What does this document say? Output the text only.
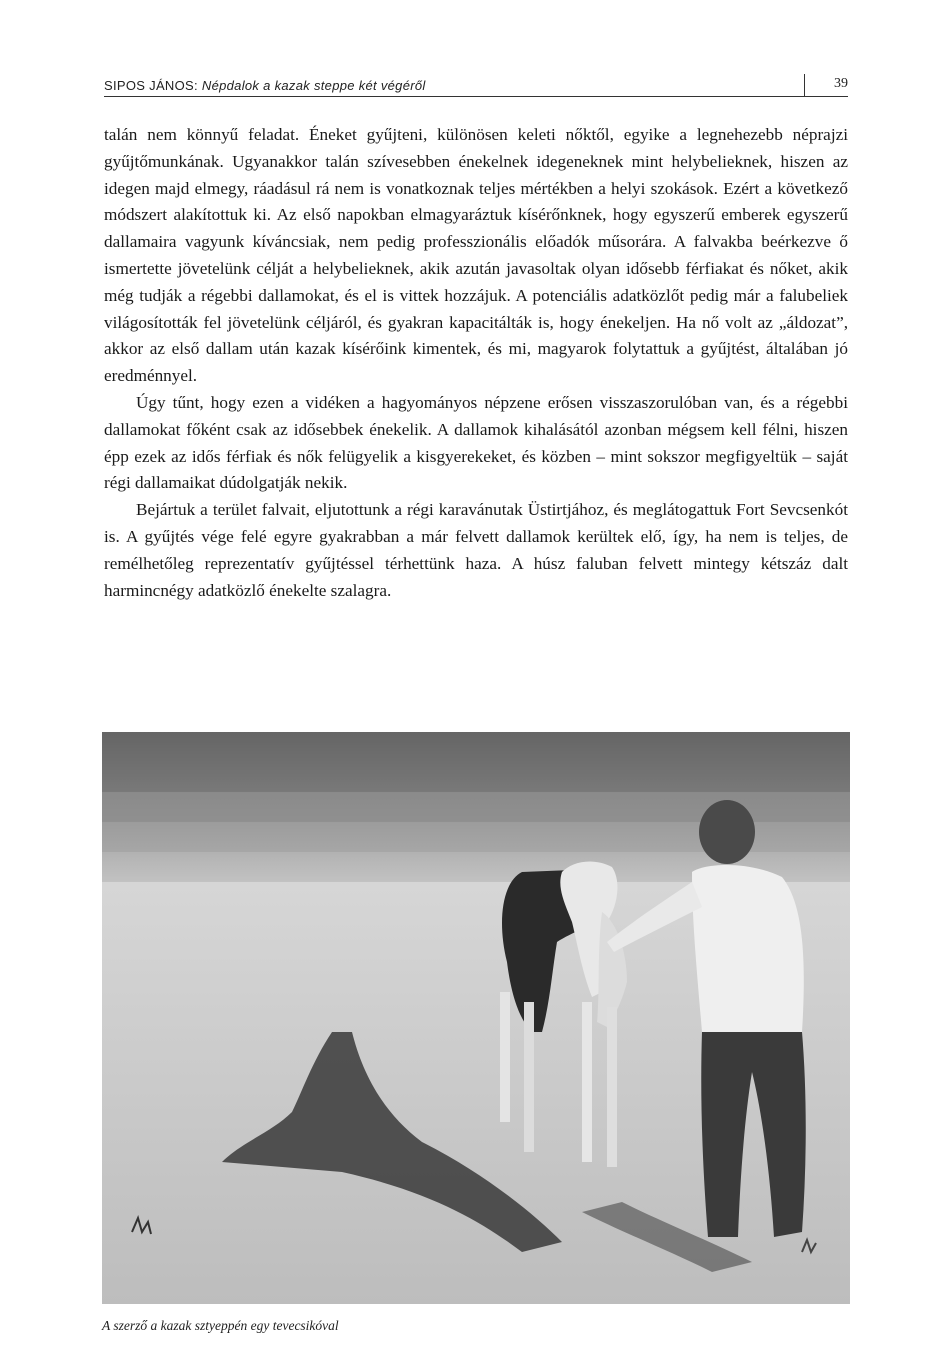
SIPOS JÁNOS: Népdalok a kazak steppe két végéről	39

talán nem könnyű feladat. Éneket gyűjteni, különösen keleti nőktől, egyike a legnehezebb néprajzi gyűjtőmunkának. Ugyanakkor talán szívesebben énekelnek idegeneknek mint helybelieknek, hiszen az idegen majd elmegy, ráadásul rá nem is vonatkoznak teljes mértékben a helyi szokások. Ezért a következő módszert alakítottuk ki. Az első napokban elmagyaráztuk kísérőnknek, hogy egyszerű emberek egyszerű dallamaira vagyunk kíváncsiak, nem pedig professzionális előadók műsorára. A falvakba beérkezve ő ismertette jövetelünk célját a helybelieknek, akik azután javasoltak olyan idősebb férfiakat és nőket, akik még tudják a régebbi dallamokat, és el is vittek hozzájuk. A potenciális adatközlőt pedig már a falubeliek világosították fel jövetelünk céljáról, és gyakran kapacitálták is, hogy énekeljen. Ha nő volt az „áldozat”, akkor az első dallam után kazak kísérőink kimentek, és mi, magyarok folytattuk a gyűjtést, általában jó eredménnyel.

Úgy tűnt, hogy ezen a vidéken a hagyományos népzene erősen visszaszorulóban van, és a régebbi dallamokat főként csak az idősebbek énekelik. A dallamok kihalásától azonban mégsem kell félni, hiszen épp ezek az idős férfiak és nők felügyelik a kisgyerekeket, és közben – mint sokszor megfigyeltük – saját régi dallamaikat dúdolgatják nekik.

Bejártuk a terület falvait, eljutottunk a régi karavánutak Üstirtjához, és meglátogattuk Fort Sevcsenkót is. A gyűjtés vége felé egyre gyakrabban a már felvett dallamok kerültek elő, így, ha nem is teljes, de remélhetőleg reprezentatív gyűjtéssel térhettünk haza. A húsz faluban felvett mintegy kétszáz dalt harmincnégy adatközlő énekelte szalagra.

A szerző a kazak sztyeppén egy tevecsikóval
